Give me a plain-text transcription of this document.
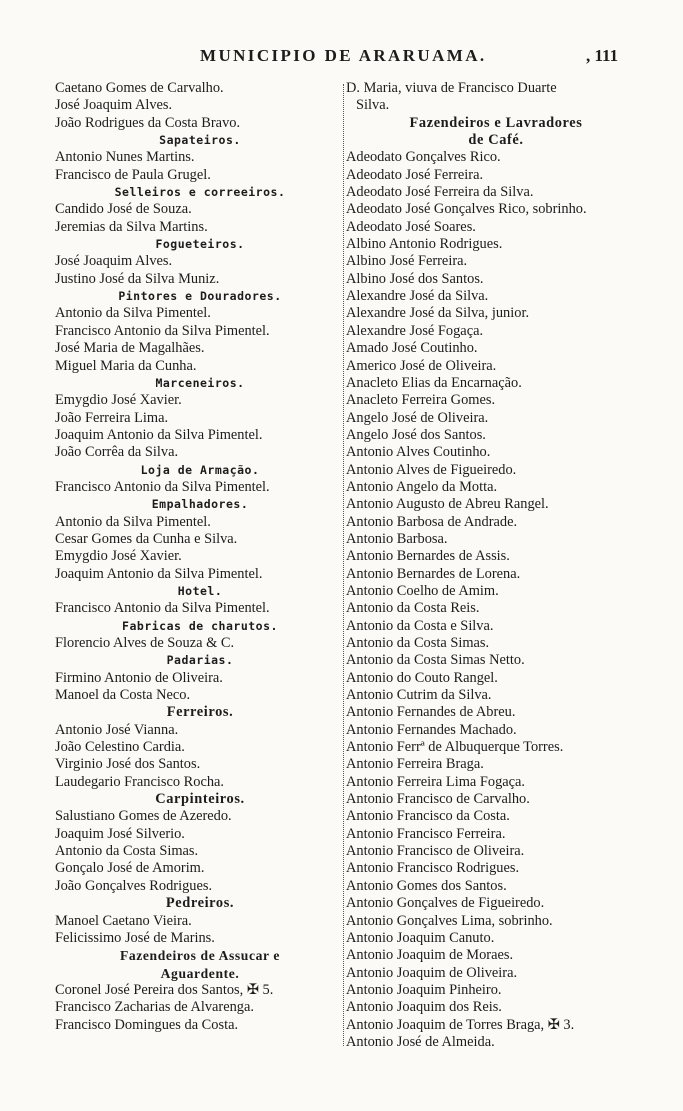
MUNICIPIO DE ARARUAMA.	, 111
Caetano Gomes de Carvalho.
José Joaquim Alves.
João Rodrigues da Costa Bravo.
Sapateiros.
Antonio Nunes Martins.
Francisco de Paula Grugel.
Selleiros e correeiros.
Candido José de Souza.
Jeremias da Silva Martins.
Fogueteiros.
José Joaquim Alves.
Justino José da Silva Muniz.
Pintores e Douradores.
Antonio da Silva Pimentel.
Francisco Antonio da Silva Pimentel.
José Maria de Magalhães.
Miguel Maria da Cunha.
Marceneiros.
Emygdio José Xavier.
João Ferreira Lima.
Joaquim Antonio da Silva Pimentel.
João Corrêa da Silva.
Loja de Armação.
Francisco Antonio da Silva Pimentel.
Empalhadores.
Antonio da Silva Pimentel.
Cesar Gomes da Cunha e Silva.
Emygdio José Xavier.
Joaquim Antonio da Silva Pimentel.
Hotel.
Francisco Antonio da Silva Pimentel.
Fabricas de charutos.
Florencio Alves de Souza & C.
Padarias.
Firmino Antonio de Oliveira.
Manoel da Costa Neco.
Ferreiros.
Antonio José Vianna.
João Celestino Cardia.
Virginio José dos Santos.
Laudegario Francisco Rocha.
Carpinteiros.
Salustiano Gomes de Azeredo.
Joaquim José Silverio.
Antonio da Costa Simas.
Gonçalo José de Amorim.
João Gonçalves Rodrigues.
Pedreiros.
Manoel Caetano Vieira.
Felicissimo José de Marins.
Fazendeiros de Assucar e
Aguardente.
Coronel José Pereira dos Santos, ✠ 5.
Francisco Zacharias de Alvarenga.
Francisco Domingues da Costa.
D. Maria, viuva de Francisco Duarte
Silva.
Fazendeiros e Lavradores
de Café.
Adeodato Gonçalves Rico.
Adeodato José Ferreira.
Adeodato José Ferreira da Silva.
Adeodato José Gonçalves Rico, sobrinho.
Adeodato José Soares.
Albino Antonio Rodrigues.
Albino José Ferreira.
Albino José dos Santos.
Alexandre José da Silva.
Alexandre José da Silva, junior.
Alexandre José Fogaça.
Amado José Coutinho.
Americo José de Oliveira.
Anacleto Elias da Encarnação.
Anacleto Ferreira Gomes.
Angelo José de Oliveira.
Angelo José dos Santos.
Antonio Alves Coutinho.
Antonio Alves de Figueiredo.
Antonio Angelo da Motta.
Antonio Augusto de Abreu Rangel.
Antonio Barbosa de Andrade.
Antonio Barbosa.
Antonio Bernardes de Assis.
Antonio Bernardes de Lorena.
Antonio Coelho de Amim.
Antonio da Costa Reis.
Antonio da Costa e Silva.
Antonio da Costa Simas.
Antonio da Costa Simas Netto.
Antonio do Couto Rangel.
Antonio Cutrim da Silva.
Antonio Fernandes de Abreu.
Antonio Fernandes Machado.
Antonio Ferrª de Albuquerque Torres.
Antonio Ferreira Braga.
Antonio Ferreira Lima Fogaça.
Antonio Francisco de Carvalho.
Antonio Francisco da Costa.
Antonio Francisco Ferreira.
Antonio Francisco de Oliveira.
Antonio Francisco Rodrigues.
Antonio Gomes dos Santos.
Antonio Gonçalves de Figueiredo.
Antonio Gonçalves Lima, sobrinho.
Antonio Joaquim Canuto.
Antonio Joaquim de Moraes.
Antonio Joaquim de Oliveira.
Antonio Joaquim Pinheiro.
Antonio Joaquim dos Reis.
Antonio Joaquim de Torres Braga, ✠ 3.
Antonio José de Almeida.
